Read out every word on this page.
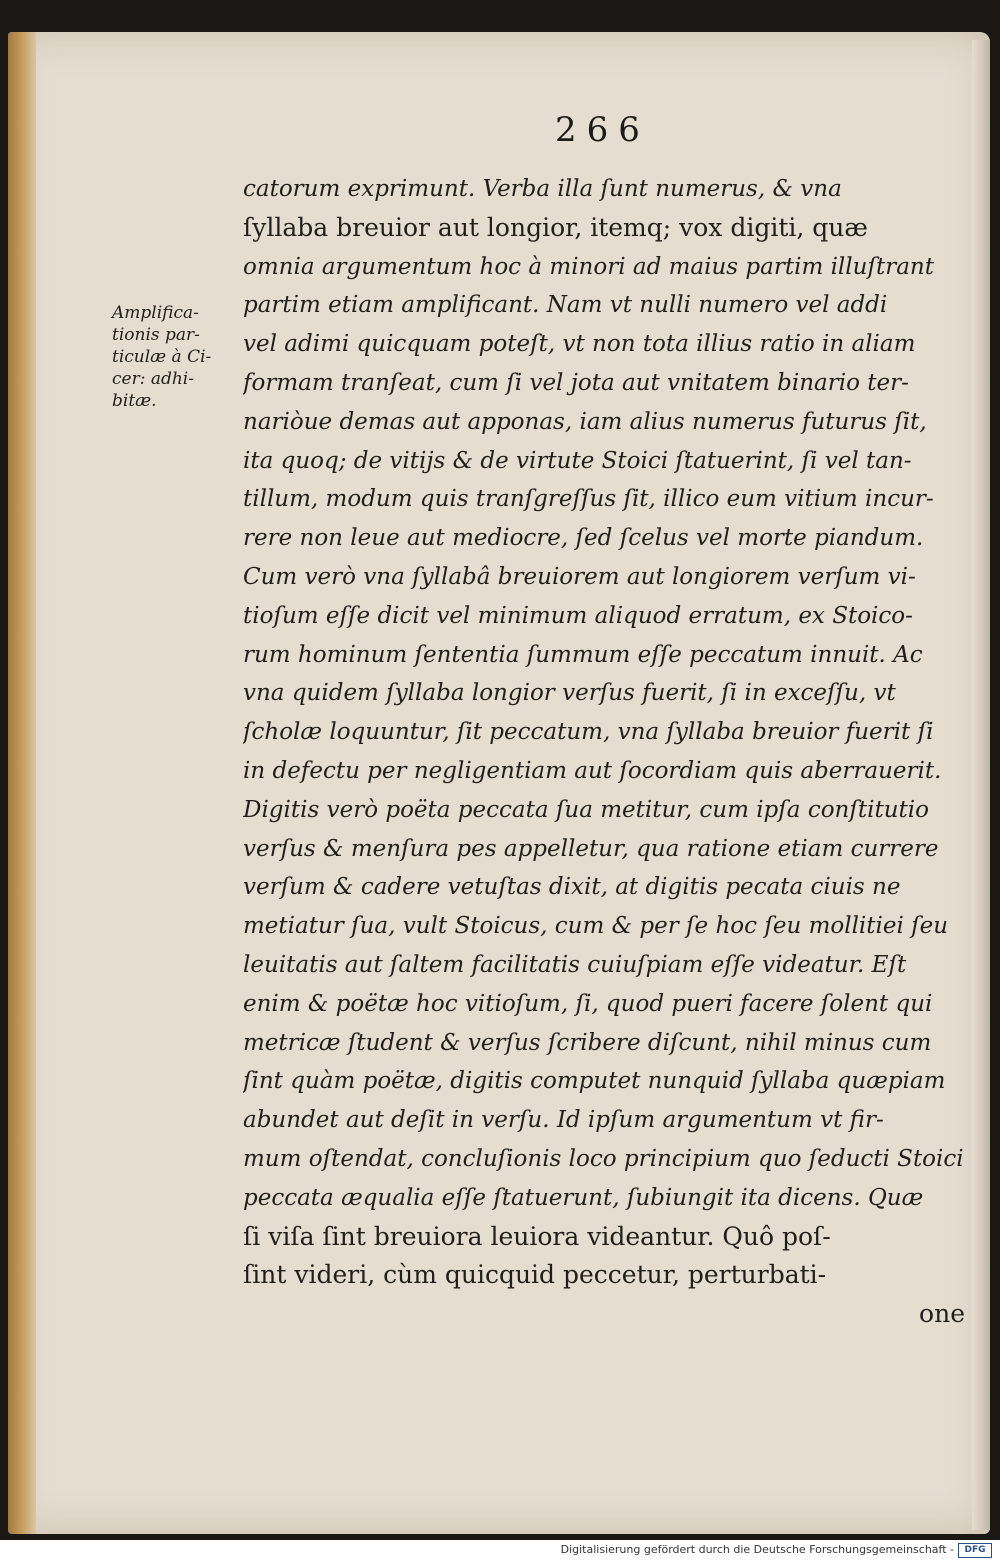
266
Amplifica-
tionis par-
ticulæ à Ci-
cer: adhi-
bitæ.
catorum exprimunt. Verba illa ſunt numerus, & vna
ſyllaba breuior aut longior, itemq; vox digiti, quæ
omnia argumentum hoc à minori ad maius partim illuſtrant
partim etiam amplificant. Nam vt nulli numero vel addi
vel adimi quicquam poteſt, vt non tota illius ratio in aliam
formam tranſeat, cum ſi vel jota aut vnitatem binario ter-
nariòue demas aut apponas, iam alius numerus futurus ſit,
ita quoq; de vitijs & de virtute Stoici ſtatuerint, ſi vel tan-
tillum, modum quis tranſgreſſus ſit, illico eum vitium incur-
rere non leue aut mediocre, ſed ſcelus vel morte piandum.
Cum verò vna ſyllabâ breuiorem aut longiorem verſum vi-
tioſum eſſe dicit vel minimum aliquod erratum, ex Stoico-
rum hominum ſententia ſummum eſſe peccatum innuit. Ac
vna quidem ſyllaba longior verſus fuerit, ſi in exceſſu, vt
ſcholæ loquuntur, ſit peccatum, vna ſyllaba breuior fuerit ſi
in defectu per negligentiam aut ſocordiam quis aberrauerit.
Digitis verò poëta peccata ſua metitur, cum ipſa conſtitutio
verſus & menſura pes appelletur, qua ratione etiam currere
verſum & cadere vetuſtas dixit, at digitis pecata ciuis ne
metiatur ſua, vult Stoicus, cum & per ſe hoc ſeu mollitiei ſeu
leuitatis aut ſaltem facilitatis cuiuſpiam eſſe videatur. Eſt
enim & poëtæ hoc vitioſum, ſi, quod pueri facere ſolent qui
metricæ ſtudent & verſus ſcribere diſcunt, nihil minus cum
ſint quàm poëtæ, digitis computet nunquid ſyllaba quæpiam
abundet aut deſit in verſu. Id ipſum argumentum vt fir-
mum oſtendat, concluſionis loco principium quo ſeducti Stoici
peccata æqualia eſſe ſtatuerunt, ſubiungit ita dicens. Quæ
ſi viſa ſint breuiora leuiora videantur. Quô poſ-
ſint videri, cùm quicquid peccetur, perturbati-
one
Digitalisierung gefördert durch die Deutsche Forschungsgemeinschaft -	DFG
